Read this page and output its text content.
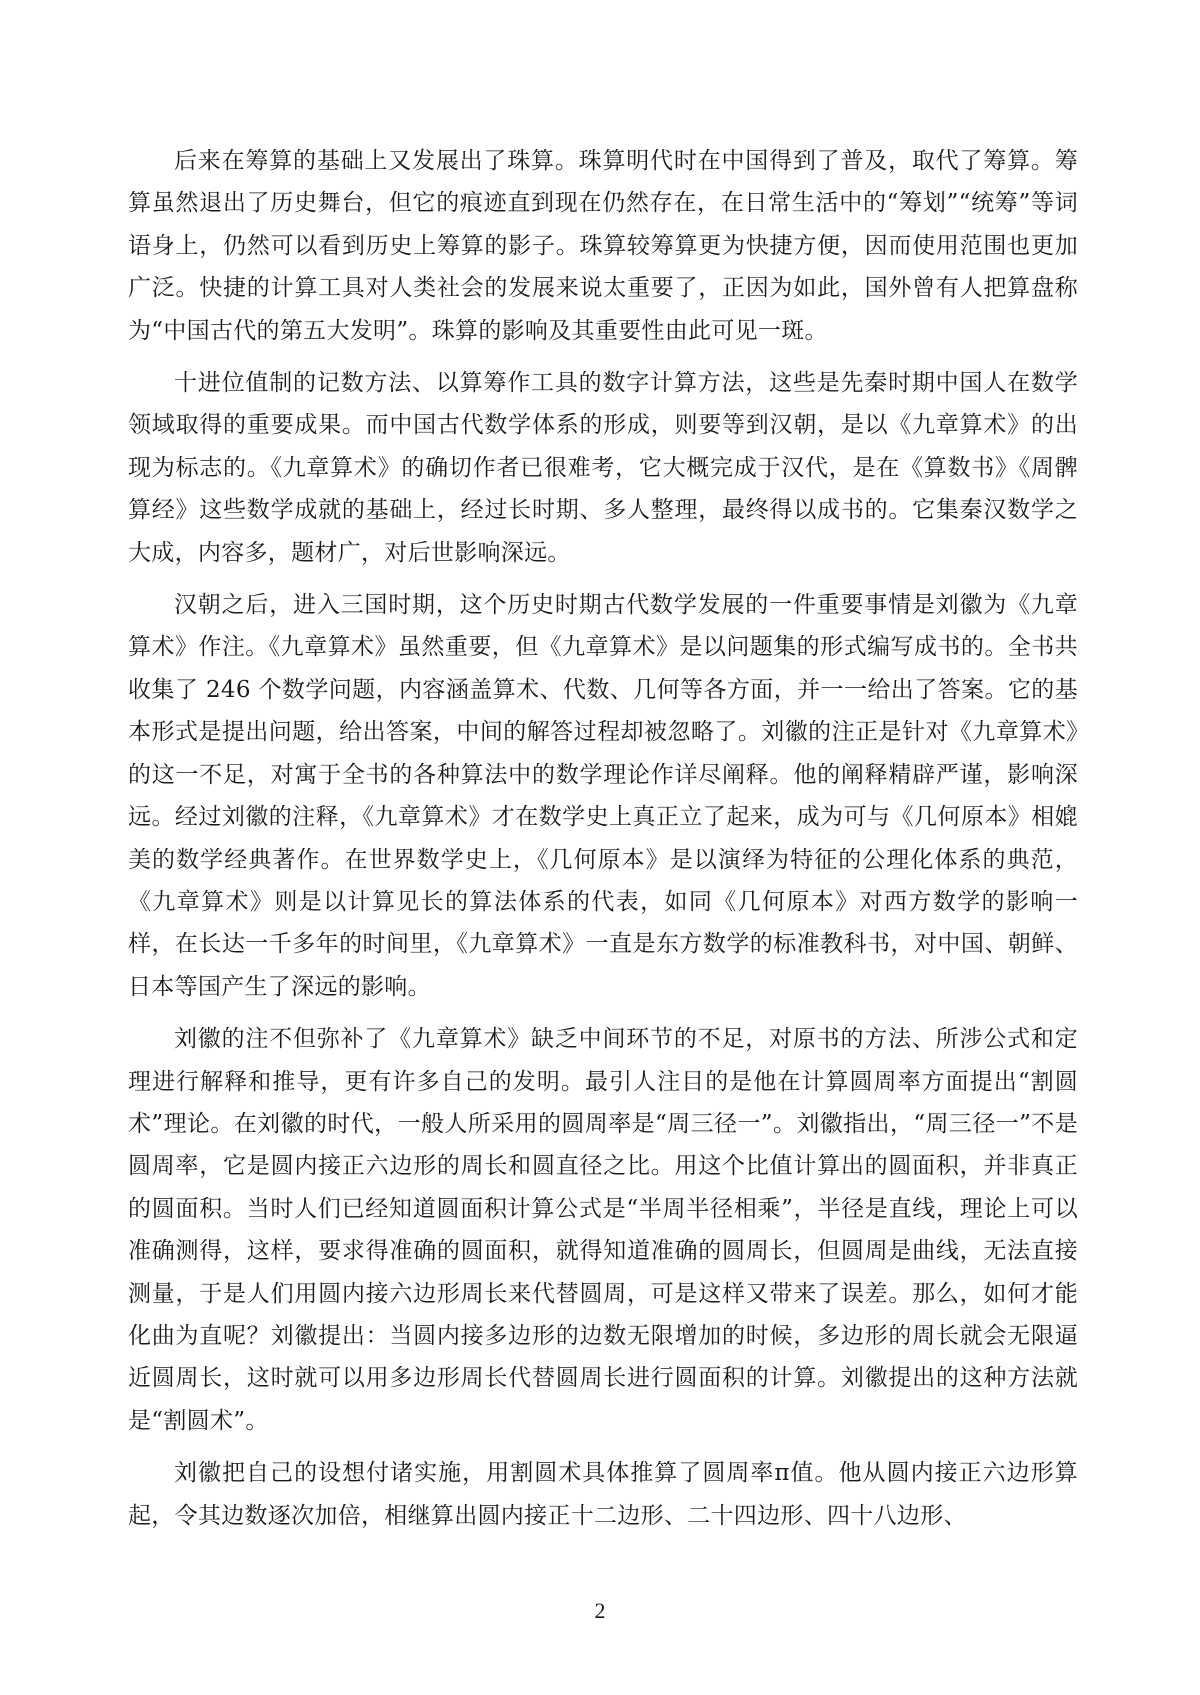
后来在筹算的基础上又发展出了珠算。珠算明代时在中国得到了普及，取代了筹算。筹算虽然退出了历史舞台，但它的痕迹直到现在仍然存在，在日常生活中的“筹划”“统筹”等词语身上，仍然可以看到历史上筹算的影子。珠算较筹算更为快捷方便，因而使用范围也更加广泛。快捷的计算工具对人类社会的发展来说太重要了，正因为如此，国外曾有人把算盘称为“中国古代的第五大发明”。珠算的影响及其重要性由此可见一斑。

十进位值制的记数方法、以算筹作工具的数字计算方法，这些是先秦时期中国人在数学领域取得的重要成果。而中国古代数学体系的形成，则要等到汉朝，是以《九章算术》的出现为标志的。《九章算术》的确切作者已很难考，它大概完成于汉代，是在《算数书》《周髀算经》这些数学成就的基础上，经过长时期、多人整理，最终得以成书的。它集秦汉数学之大成，内容多，题材广，对后世影响深远。

汉朝之后，进入三国时期，这个历史时期古代数学发展的一件重要事情是刘徽为《九章算术》作注。《九章算术》虽然重要，但《九章算术》是以问题集的形式编写成书的。全书共收集了 246 个数学问题，内容涵盖算术、代数、几何等各方面，并一一给出了答案。它的基本形式是提出问题，给出答案，中间的解答过程却被忽略了。刘徽的注正是针对《九章算术》的这一不足，对寓于全书的各种算法中的数学理论作详尽阐释。他的阐释精辟严谨，影响深远。经过刘徽的注释，《九章算术》才在数学史上真正立了起来，成为可与《几何原本》相媲美的数学经典著作。在世界数学史上，《几何原本》是以演绎为特征的公理化体系的典范，《九章算术》则是以计算见长的算法体系的代表，如同《几何原本》对西方数学的影响一样，在长达一千多年的时间里，《九章算术》一直是东方数学的标准教科书，对中国、朝鲜、日本等国产生了深远的影响。

刘徽的注不但弥补了《九章算术》缺乏中间环节的不足，对原书的方法、所涉公式和定理进行解释和推导，更有许多自己的发明。最引人注目的是他在计算圆周率方面提出“割圆术”理论。在刘徽的时代，一般人所采用的圆周率是“周三径一”。刘徽指出，“周三径一”不是圆周率，它是圆内接正六边形的周长和圆直径之比。用这个比值计算出的圆面积，并非真正的圆面积。当时人们已经知道圆面积计算公式是“半周半径相乘”，半径是直线，理论上可以准确测得，这样，要求得准确的圆面积，就得知道准确的圆周长，但圆周是曲线，无法直接测量，于是人们用圆内接六边形周长来代替圆周，可是这样又带来了误差。那么，如何才能化曲为直呢？刘徽提出：当圆内接多边形的边数无限增加的时候，多边形的周长就会无限逼近圆周长，这时就可以用多边形周长代替圆周长进行圆面积的计算。刘徽提出的这种方法就是“割圆术”。

刘徽把自己的设想付诸实施，用割圆术具体推算了圆周率π值。他从圆内接正六边形算起，令其边数逐次加倍，相继算出圆内接正十二边形、二十四边形、四十八边形、

2
